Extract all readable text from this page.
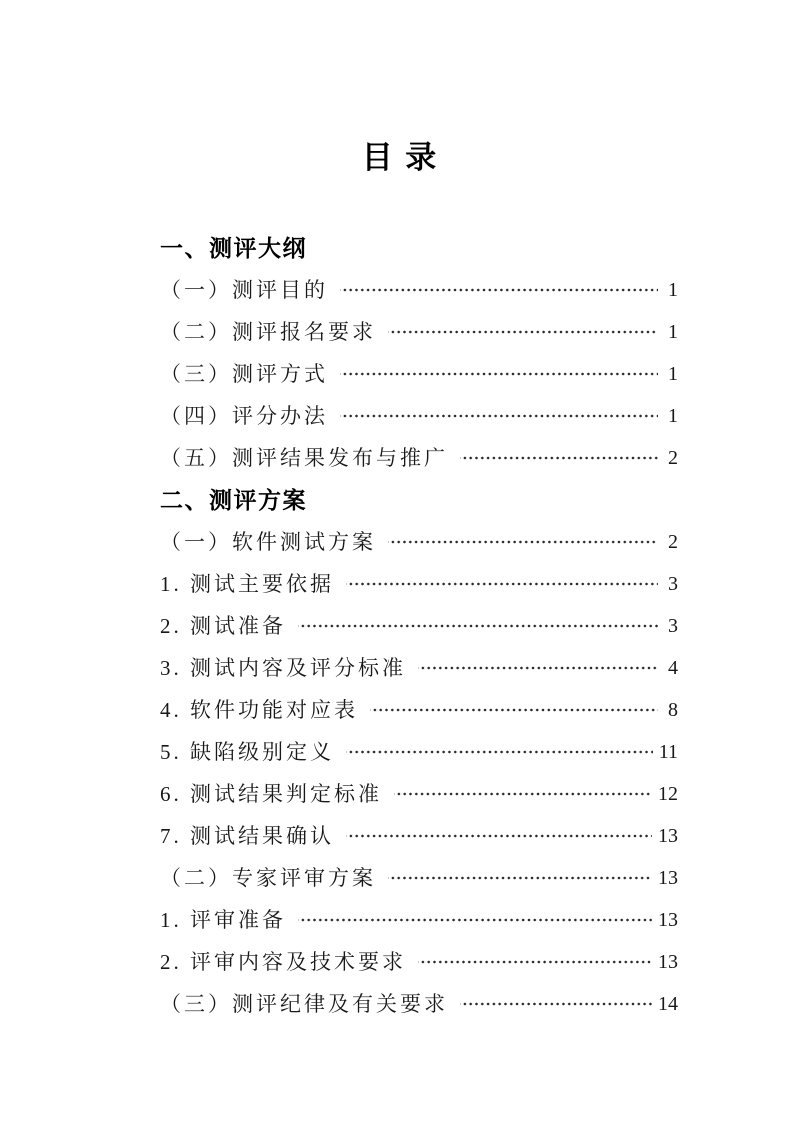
目 录
一、测评大纲
（一）测评目的	1
（二）测评报名要求	1
（三）测评方式	1
（四）评分办法	1
（五）测评结果发布与推广	2
二、测评方案
（一）软件测试方案	2
1. 测试主要依据	3
2. 测试准备	3
3. 测试内容及评分标准	4
4. 软件功能对应表	8
5. 缺陷级别定义	11
6. 测试结果判定标准	12
7. 测试结果确认	13
（二）专家评审方案	13
1. 评审准备	13
2. 评审内容及技术要求	13
（三）测评纪律及有关要求	14
